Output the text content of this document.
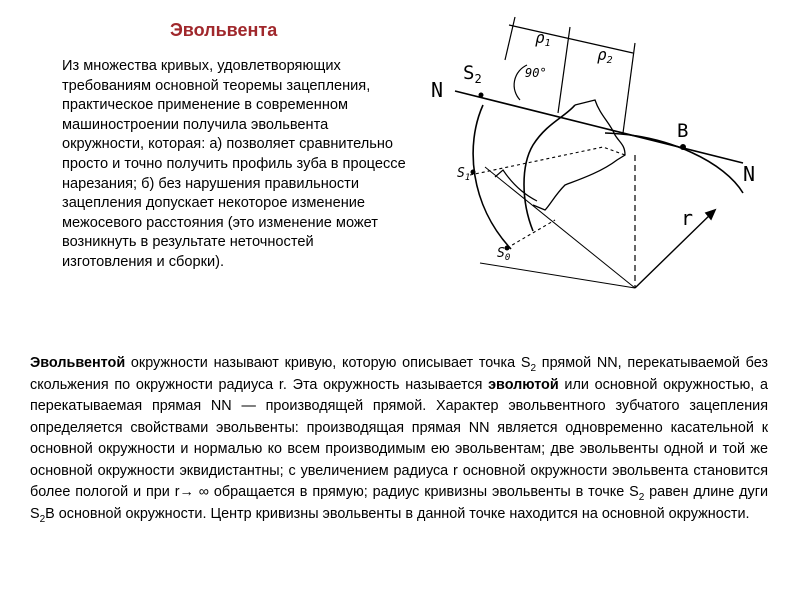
Эвольвента
Из множества кривых, удовлетворяющих требованиям основной теоремы зацепления, практическое применение в современном машиностроении получила эвольвента окружности, которая: а) позволяет сравнительно просто и точно получить профиль зуба в процессе нарезания; б) без нарушения правильности зацепления допускает некоторое изменение межосевого расстояния (это изменение может возникнуть в результате неточностей изготовления и сборки).
N
$S_2$	90°
ρ1
ρ2
B
N
r
$S_1$
$S_0$
Эвольвентой окружности называют кривую, которую описывает точка $S_2$ прямой NN, перекатываемой без скольжения по окружности радиуса r. Эта окружность называется эволютой или основной окружностью, а перекатываемая прямая NN — производящей прямой. Характер эвольвентного зубчатого зацепления определяется свойствами эвольвенты: производящая прямая NN является одновременно касательной к основной окружности и нормалью ко всем производимым ею эвольвентам; две эвольвенты одной и той же основной окружности эквидистантны; с увеличением радиуса r основной окружности эвольвента становится более пологой и при r→ ∞ обращается в прямую; радиус кривизны эвольвенты в точке $S_2$ равен длине дуги $S_2B$ основной окружности. Центр кривизны эвольвенты в данной точке находится на основной окружности.
